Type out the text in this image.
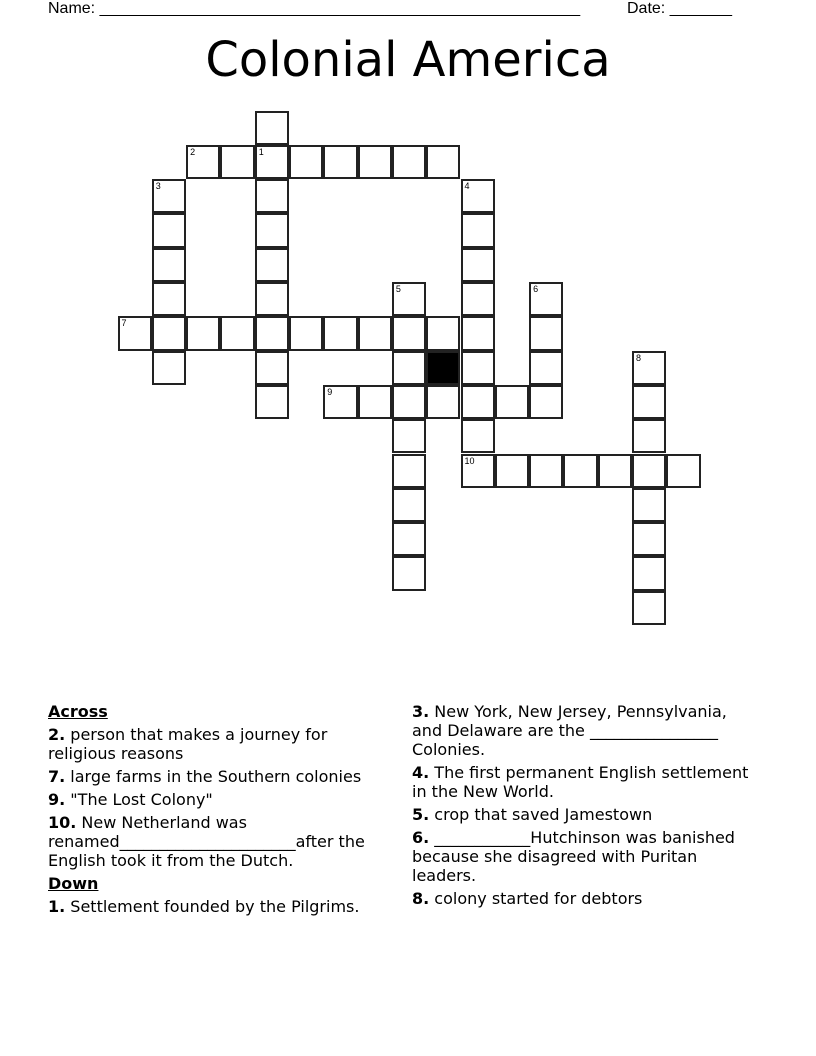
Name: ______________________________________________________	Date: _______
Colonial America
1
2
3	4
7
5	6
9
8
10
Across
2. person that makes a journey for religious reasons
7. large farms in the Southern colonies
9. "The Lost Colony"
10. New Netherland was renamed______________________after the English took it from the Dutch.
Down
1. Settlement founded by the Pilgrims.
3. New York, New Jersey, Pennsylvania, and Delaware are the ________________ Colonies.
4. The first permanent English settlement in the New World.
5. crop that saved Jamestown
6. ____________Hutchinson was banished because she disagreed with Puritan leaders.
8. colony started for debtors
